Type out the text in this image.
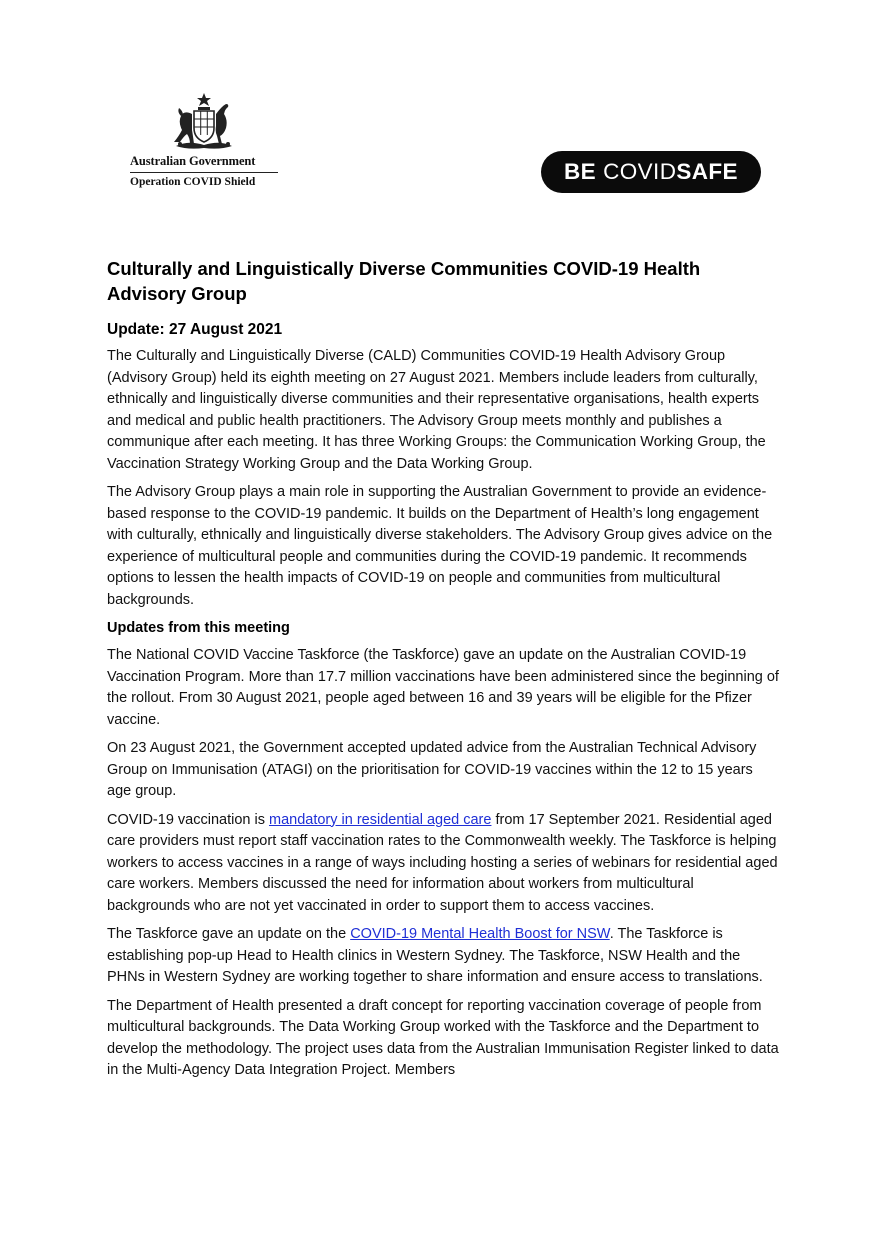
Australian Government
Operation COVID Shield	BE COVID SAFE
Culturally and Linguistically Diverse Communities COVID-19 Health Advisory Group
Update: 27 August 2021

The Culturally and Linguistically Diverse (CALD) Communities COVID-19 Health Advisory Group (Advisory Group) held its eighth meeting on 27 August 2021. Members include leaders from culturally, ethnically and linguistically diverse communities and their representative organisations, health experts and medical and public health practitioners. The Advisory Group meets monthly and publishes a communique after each meeting. It has three Working Groups: the Communication Working Group, the Vaccination Strategy Working Group and the Data Working Group.

The Advisory Group plays a main role in supporting the Australian Government to provide an evidence-based response to the COVID-19 pandemic. It builds on the Department of Health’s long engagement with culturally, ethnically and linguistically diverse stakeholders. The Advisory Group gives advice on the experience of multicultural people and communities during the COVID-19 pandemic. It recommends options to lessen the health impacts of COVID-19 on people and communities from multicultural backgrounds.

Updates from this meeting

The National COVID Vaccine Taskforce (the Taskforce) gave an update on the Australian COVID-19 Vaccination Program. More than 17.7 million vaccinations have been administered since the beginning of the rollout. From 30 August 2021, people aged between 16 and 39 years will be eligible for the Pfizer vaccine.

On 23 August 2021, the Government accepted updated advice from the Australian Technical Advisory Group on Immunisation (ATAGI) on the prioritisation for COVID-19 vaccines within the 12 to 15 years age group.

COVID-19 vaccination is mandatory in residential aged care from 17 September 2021. Residential aged care providers must report staff vaccination rates to the Commonwealth weekly. The Taskforce is helping workers to access vaccines in a range of ways including hosting a series of webinars for residential aged care workers. Members discussed the need for information about workers from multicultural backgrounds who are not yet vaccinated in order to support them to access vaccines.

The Taskforce gave an update on the COVID-19 Mental Health Boost for NSW. The Taskforce is establishing pop-up Head to Health clinics in Western Sydney. The Taskforce, NSW Health and the PHNs in Western Sydney are working together to share information and ensure access to translations.

The Department of Health presented a draft concept for reporting vaccination coverage of people from multicultural backgrounds. The Data Working Group worked with the Taskforce and the Department to develop the methodology. The project uses data from the Australian Immunisation Register linked to data in the Multi-Agency Data Integration Project. Members
